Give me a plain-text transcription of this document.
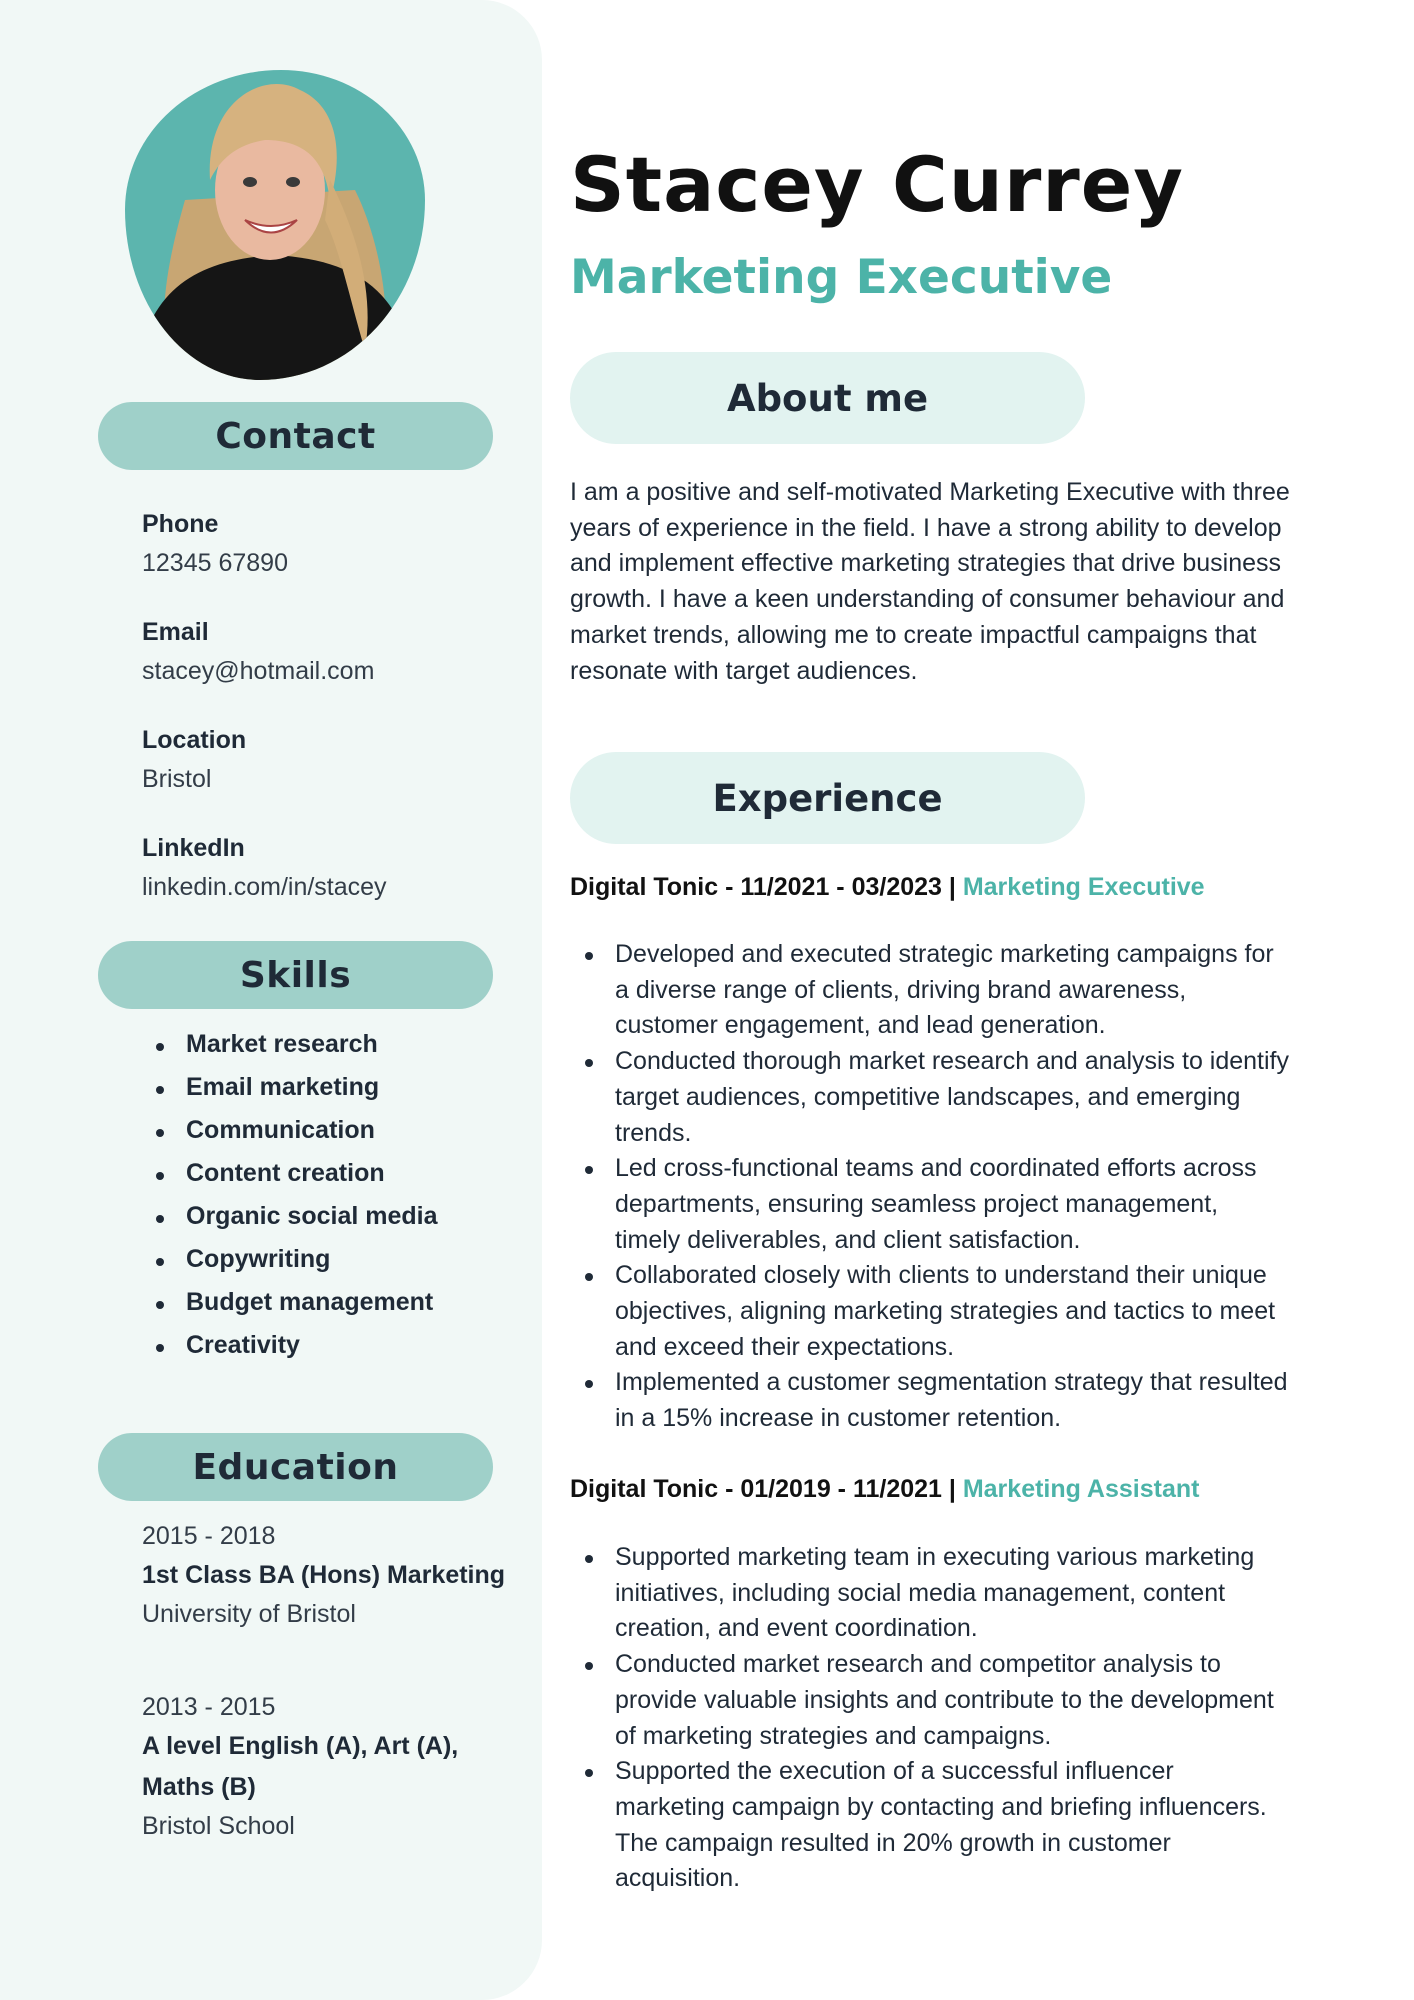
Contact
Phone
12345 67890
Email
stacey@hotmail.com
Location
Bristol
LinkedIn
linkedin.com/in/stacey
Skills
Market research
Email marketing
Communication
Content creation
Organic social media
Copywriting
Budget management
Creativity
Education
2015 - 2018
1st Class BA (Hons) Marketing
University of Bristol
2013 - 2015
A level English (A), Art (A), Maths (B)
Bristol School
Stacey Currey
Marketing Executive
About me

I am a positive and self-motivated Marketing Executive with three years of experience in the field. I have a strong ability to develop and implement effective marketing strategies that drive business growth. I have a keen understanding of consumer behaviour and market trends, allowing me to create impactful campaigns that resonate with target audiences.

Experience
Digital Tonic - 11/2021 - 03/2023 | Marketing Executive
Developed and executed strategic marketing campaigns for a diverse range of clients, driving brand awareness, customer engagement, and lead generation.
Conducted thorough market research and analysis to identify target audiences, competitive landscapes, and emerging trends.
Led cross-functional teams and coordinated efforts across departments, ensuring seamless project management, timely deliverables, and client satisfaction.
Collaborated closely with clients to understand their unique objectives, aligning marketing strategies and tactics to meet and exceed their expectations.
Implemented a customer segmentation strategy that resulted in a 15% increase in customer retention.
Digital Tonic - 01/2019 - 11/2021 | Marketing Assistant
Supported marketing team in executing various marketing initiatives, including social media management, content creation, and event coordination.
Conducted market research and competitor analysis to provide valuable insights and contribute to the development of marketing strategies and campaigns.
Supported the execution of a successful influencer marketing campaign by contacting and briefing influencers. The campaign resulted in 20% growth in customer acquisition.
